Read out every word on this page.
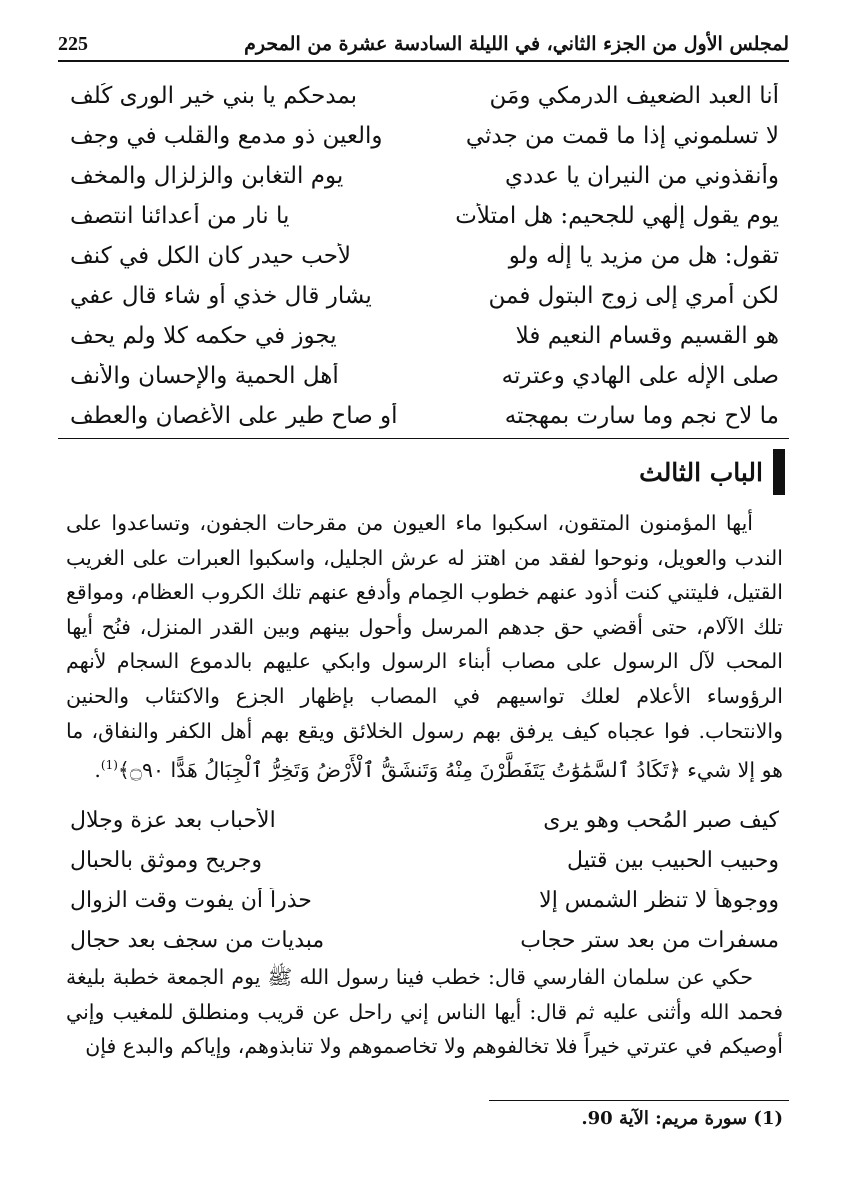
لمجلس الأول من الجزء الثاني، في الليلة السادسة عشرة من المحرم
225
أنا العبد الضعيف الدرمكي ومَن
بمدحكم يا بني خير الورى كُلف
لا تسلموني إذا ما قمت من جدثي
والعين ذو مدمع والقلب في وجف
وأنقذوني من النيران يا عددي
يوم التغابن والزلزال والمخف
يوم يقول إلٰهي للجحيم: هل امتلأت
يا نار من أعدائنا انتصف
تقول: هل من مزيد يا إلٰه ولو
لأحب حيدر كان الكل في كنف
لكن أمري إلى زوج البتول فمن
يشار قال خذي أو شاء قال عفي
هو القسيم وقسام النعيم فلا
يجوز في حكمه كلا ولم يحف
صلى الإلٰه على الهادي وعترته
أهل الحمية والإحسان والأنف
ما لاح نجم وما سارت بمهجته
أو صاح طير على الأغصان والعطف
الباب الثالث

أيها المؤمنون المتقون، اسكبوا ماء العيون من مقرحات الجفون، وتساعدوا على الندب والعويل، ونوحوا لفقد من اهتز له عرش الجليل، واسكبوا العبرات على الغريب القتيل، فليتني كنت أذود عنهم خطوب الحِمام وأدفع عنهم تلك الكروب العظام، ومواقع تلك الآلام، حتى أقضي حق جدهم المرسل وأحول بينهم وبين القدر المنزل، فنُح أيها المحب لآل الرسول على مصاب أبناء الرسول وابكي عليهم بالدموع السجام لأنهم الرؤوساء الأعلام لعلك تواسيهم في المصاب بإظهار الجزع والاكتئاب والحنين والانتحاب. فوا عجباه كيف يرفق بهم رسول الخلائق ويقع بهم أهل الكفر والنفاق، ما هو إلا شيء ﴿تَكَادُ ٱلسَّمَٰوَٰتُ يَتَفَطَّرْنَ مِنْهُ وَتَنشَقُّ ٱلْأَرْضُ وَتَخِرُّ ٱلْجِبَالُ هَدًّا ۝٩٠﴾$^{(1)}$.

كيف صبر المُحب وهو يرى
الأحباب بعد عزة وجلال
وحبيب الحبيب بين قتيل
وجريح وموثق بالحبال
ووجوهاً لا تنظر الشمس إلا
حذراً أن يفوت وقت الزوال
مسفرات من بعد ستر حجاب
مبديات من سجف بعد حجال

حكي عن سلمان الفارسي قال: خطب فينا رسول الله ﷺ يوم الجمعة خطبة بليغة فحمد الله وأثنى عليه ثم قال: أيها الناس إني راحل عن قريب ومنطلق للمغيب وإني أوصيكم في عترتي خيراً فلا تخالفوهم ولا تخاصموهم ولا تنابذوهم، وإياكم والبدع فإن

(1) سورة مريم: الآية 90.
